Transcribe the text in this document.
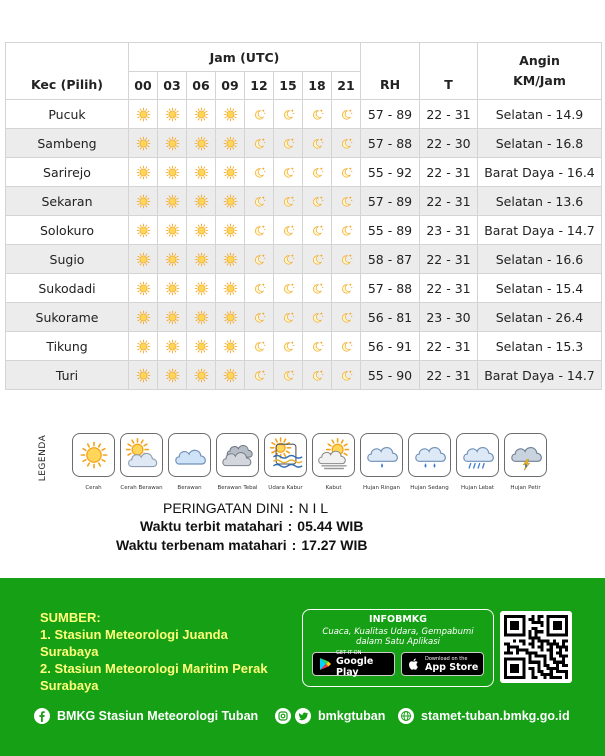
Kec (Pilih)	Jam (UTC)								RH	T	Angin
KM/Jam

	00	03	06	09	12	15	18	21			
Pucuk									57 - 89	22 - 31	Selatan - 14.9
Sambeng									57 - 88	22 - 30	Selatan - 16.8
Sarirejo									55 - 92	22 - 31	Barat Daya - 16.4
Sekaran									57 - 89	22 - 31	Selatan - 13.6
Solokuro									55 - 89	23 - 31	Barat Daya - 14.7
Sugio									58 - 87	22 - 31	Selatan - 16.6
Sukodadi									57 - 88	22 - 31	Selatan - 15.4
Sukorame									56 - 81	23 - 30	Selatan - 26.4
Tikung									56 - 91	22 - 31	Selatan - 15.3
Turi									55 - 90	22 - 31	Barat Daya - 14.7
LEGENDA
Cerah	Cerah Berawan	Berawan	Berawan Tebal Udara Kabur	Kabut	Hujan Ringan Hujan Sedang Hujan Lebat	Hujan Petir
PERINGATAN DINI : N I L
Waktu terbit matahari : 05.44 WIB
Waktu terbenam matahari : 17.27 WIB
SUMBER:
1. Stasiun Meteorologi Juanda Surabaya
2. Stasiun Meteorologi Maritim Perak Surabaya
INFOBMKG
Cuaca, Kualitas Udara, Gempabumi
dalam Satu Aplikasi
GET IT ON
Google Play
Download on the
App Store
BMKG Stasiun Meteorologi Tuban	bmkgtuban	stamet-tuban.bmkg.go.id
